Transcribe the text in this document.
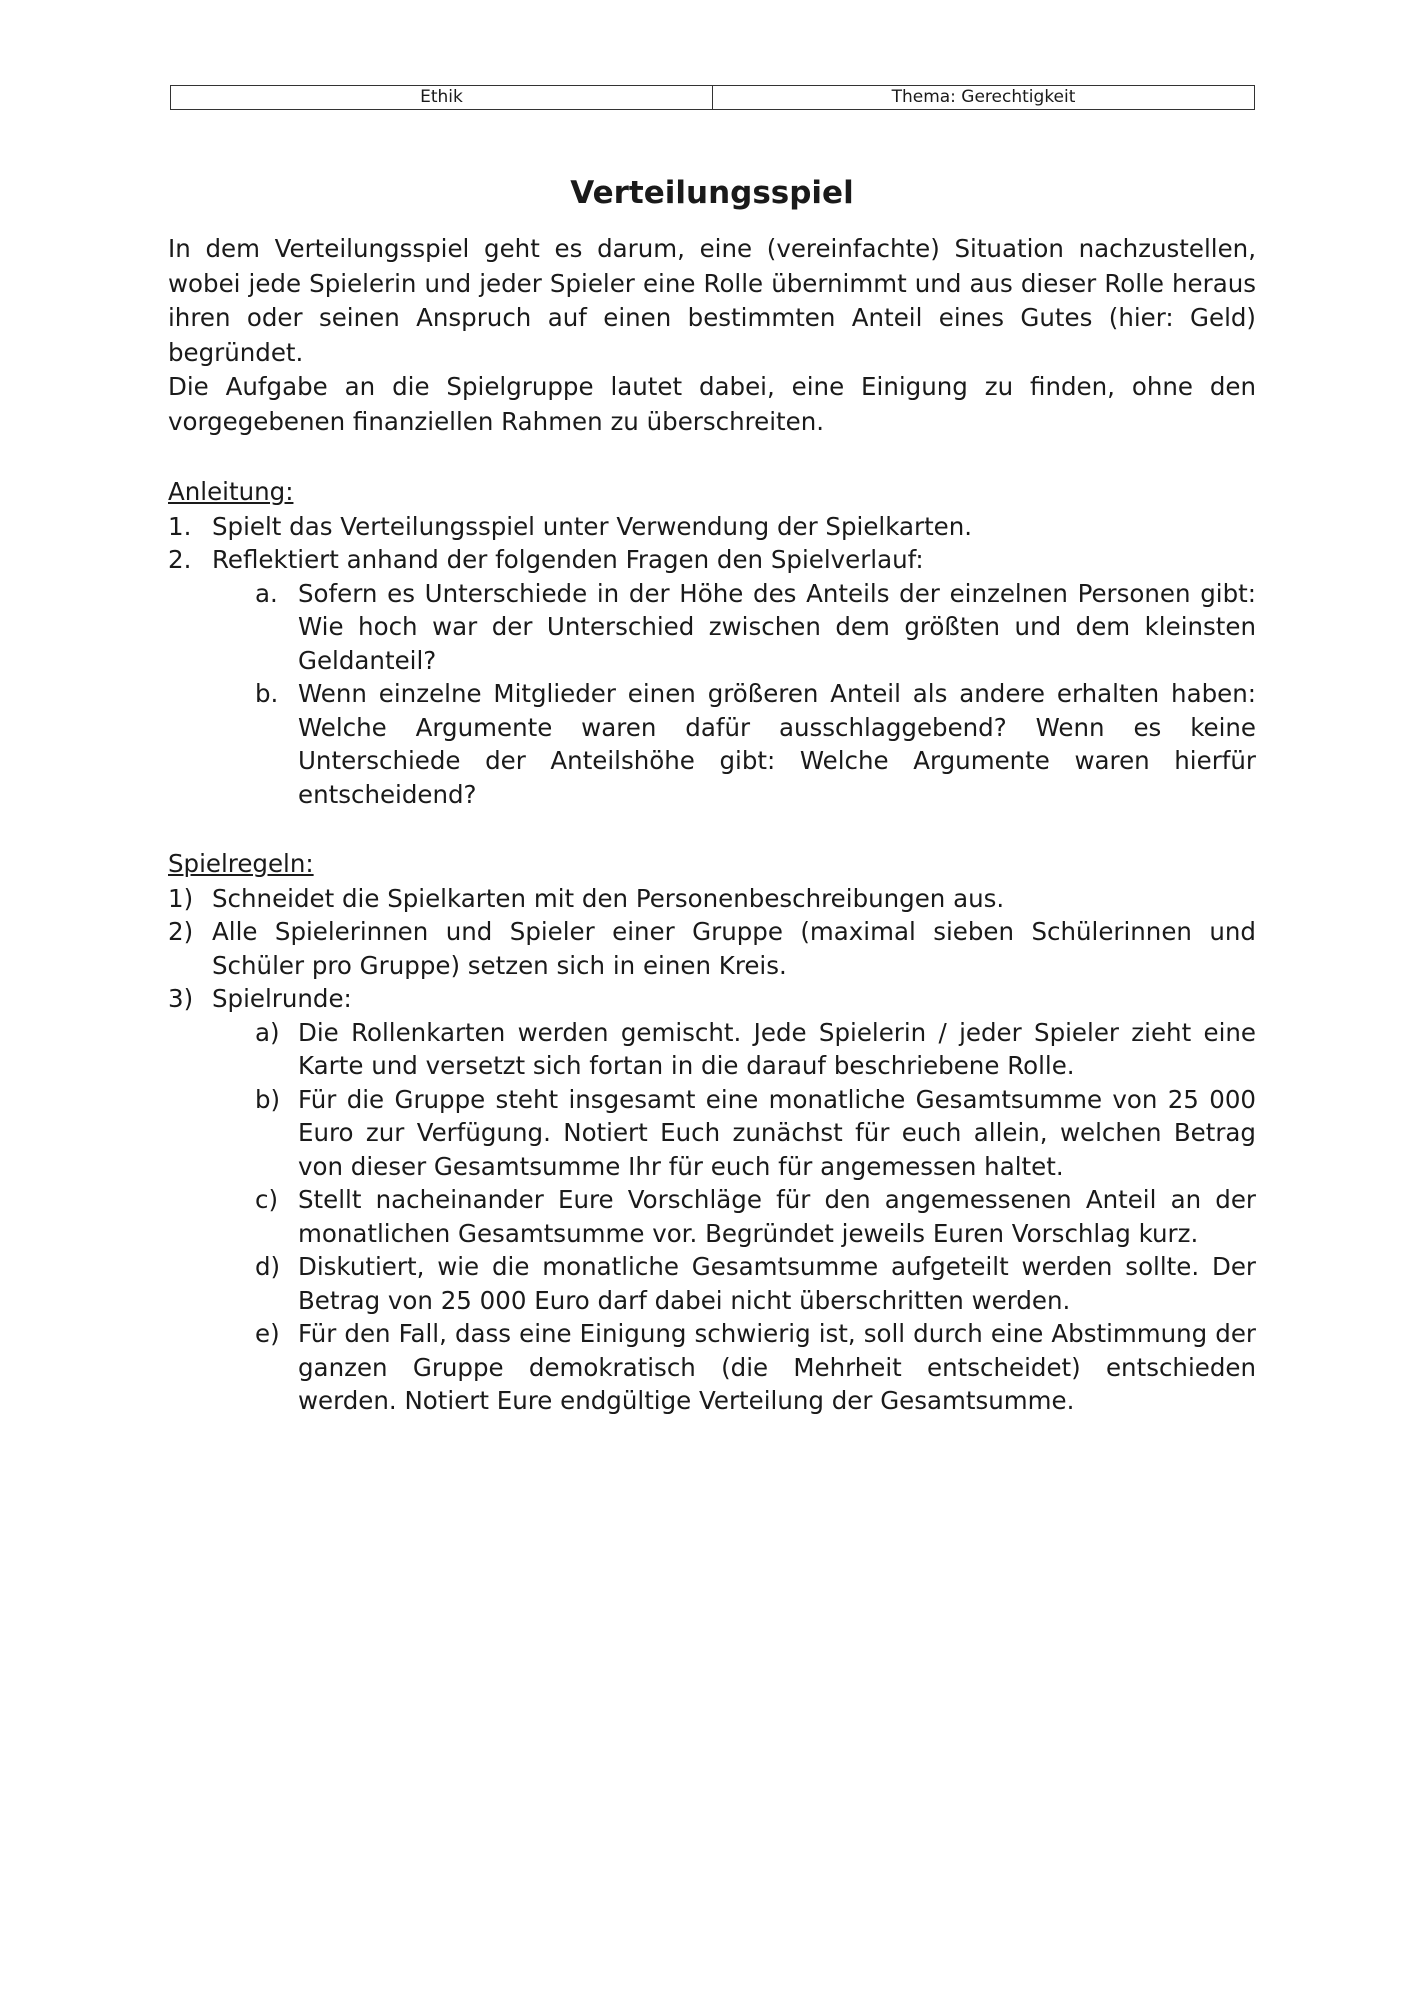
Ethik	Thema: Gerechtigkeit
Verteilungsspiel

In dem Verteilungsspiel geht es darum, eine (vereinfachte) Situation nachzustellen, wobei jede Spielerin und jeder Spieler eine Rolle übernimmt und aus dieser Rolle heraus ihren oder seinen Anspruch auf einen bestimmten Anteil eines Gutes (hier: Geld) begründet.

Die Aufgabe an die Spielgruppe lautet dabei, eine Einigung zu finden, ohne den vorgegebenen finanziellen Rahmen zu überschreiten.

Anleitung:
1. Spielt das Verteilungsspiel unter Verwendung der Spielkarten.
2. Reflektiert anhand der folgenden Fragen den Spielverlauf:
a. Sofern es Unterschiede in der Höhe des Anteils der einzelnen Personen gibt: Wie hoch war der Unterschied zwischen dem größten und dem kleinsten Geldanteil?
b. Wenn einzelne Mitglieder einen größeren Anteil als andere erhalten haben: Welche Argumente waren dafür ausschlaggebend? Wenn es keine Unterschiede der Anteilshöhe gibt: Welche Argumente waren hierfür entscheidend?
Spielregeln:
1) Schneidet die Spielkarten mit den Personenbeschreibungen aus.
2) Alle Spielerinnen und Spieler einer Gruppe (maximal sieben Schülerinnen und Schüler pro Gruppe) setzen sich in einen Kreis.
3) Spielrunde:
a) Die Rollenkarten werden gemischt. Jede Spielerin / jeder Spieler zieht eine Karte und versetzt sich fortan in die darauf beschriebene Rolle.
b) Für die Gruppe steht insgesamt eine monatliche Gesamtsumme von 25 000 Euro zur Verfügung. Notiert Euch zunächst für euch allein, welchen Betrag von dieser Gesamtsumme Ihr für euch für angemessen haltet.
c) Stellt nacheinander Eure Vorschläge für den angemessenen Anteil an der monatlichen Gesamtsumme vor. Begründet jeweils Euren Vorschlag kurz.
d) Diskutiert, wie die monatliche Gesamtsumme aufgeteilt werden sollte. Der Betrag von 25 000 Euro darf dabei nicht überschritten werden.
e) Für den Fall, dass eine Einigung schwierig ist, soll durch eine Abstimmung der ganzen Gruppe demokratisch (die Mehrheit entscheidet) entschieden werden. Notiert Eure endgültige Verteilung der Gesamtsumme.
